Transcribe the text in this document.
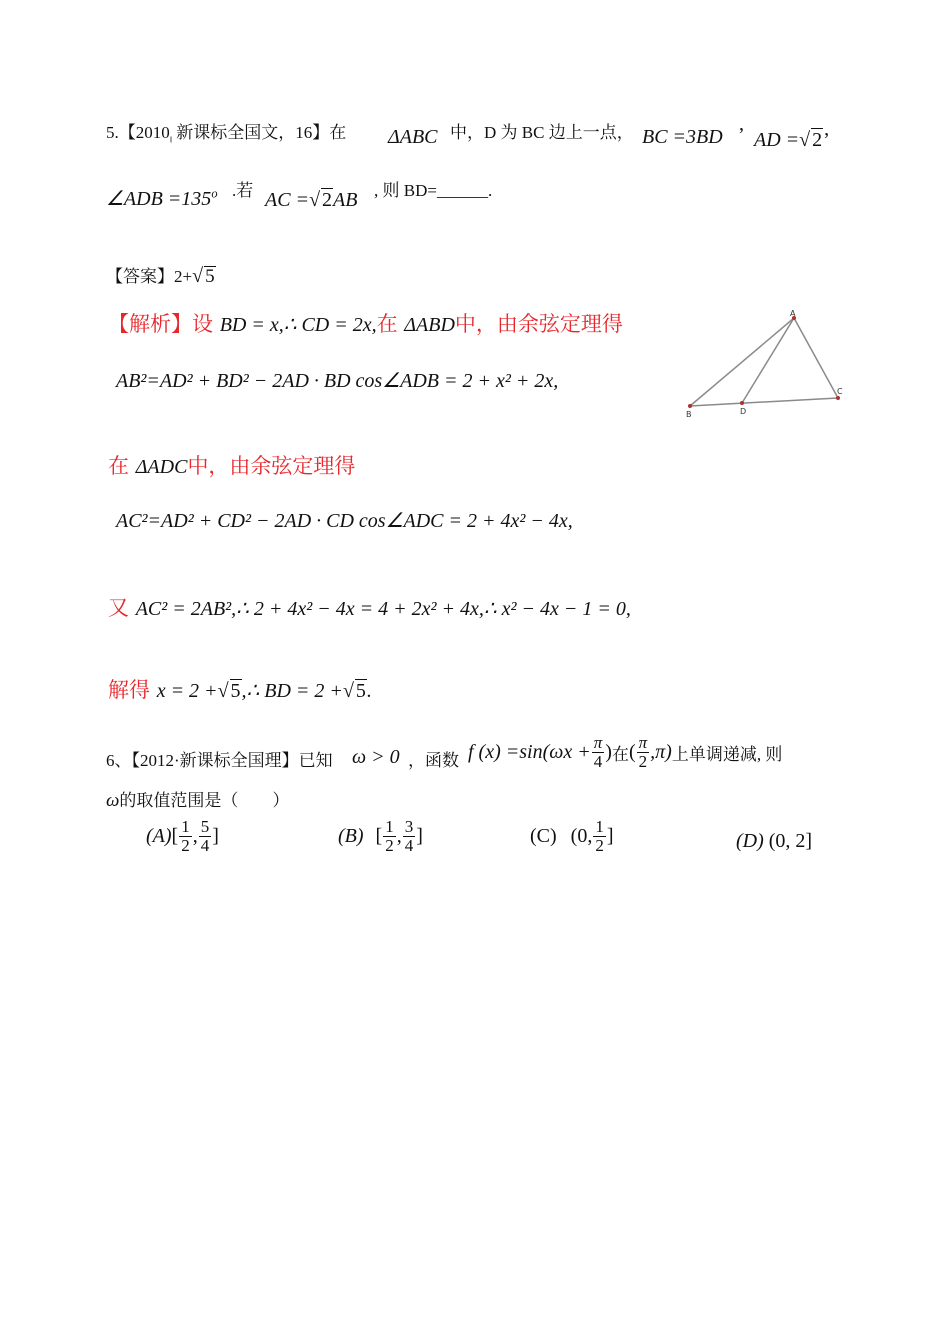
5.【$2010_‖$ 新课标全国文，16】在 ΔABC 中，D 为 BC 边上一点， BC =3BD ’ AD =√ 2’
∠ADB $=135^o$ .若 AC =√ 2AB , 则 BD=______.
【答案】2+√ 5
【解析】设 BD = x,∴ CD = 2x,在 ΔABD中，由余弦定理得
AB²=AD² + BD² − 2AD · BD cos∠ADB = 2 + x² + 2x,
A
B	D
C
在 ΔADC中，由余弦定理得
AC²=AD² + CD² − 2AD · CD cos∠ADC = 2 + 4x² − 4x,
又 AC² = 2AB²,∴ 2 + 4x² − 4x = 4 + 2x² + 4x,∴ x² − 4x − 1 = 0,
解得 x = 2 +√ 5,∴ BD = 2 +√ 5.
6、【2012·新课标全国理】已知 ω > 0 ，函数 f $(x) =\sin(\omega x + \frac{\pi}{4}$ ) 在 ( $\frac{\pi}{2} ,\pi$) 上单调递减, 则
ω的取值范围是（　　）
(A) [ $\frac{1}{2}$ , $\frac{5}{4}$ ]	(B) [ $\frac{1}{2}$ , $\frac{3}{4}$ ]	(C) (0, $\frac{1}{2}$ ]	(D) (0, 2]
